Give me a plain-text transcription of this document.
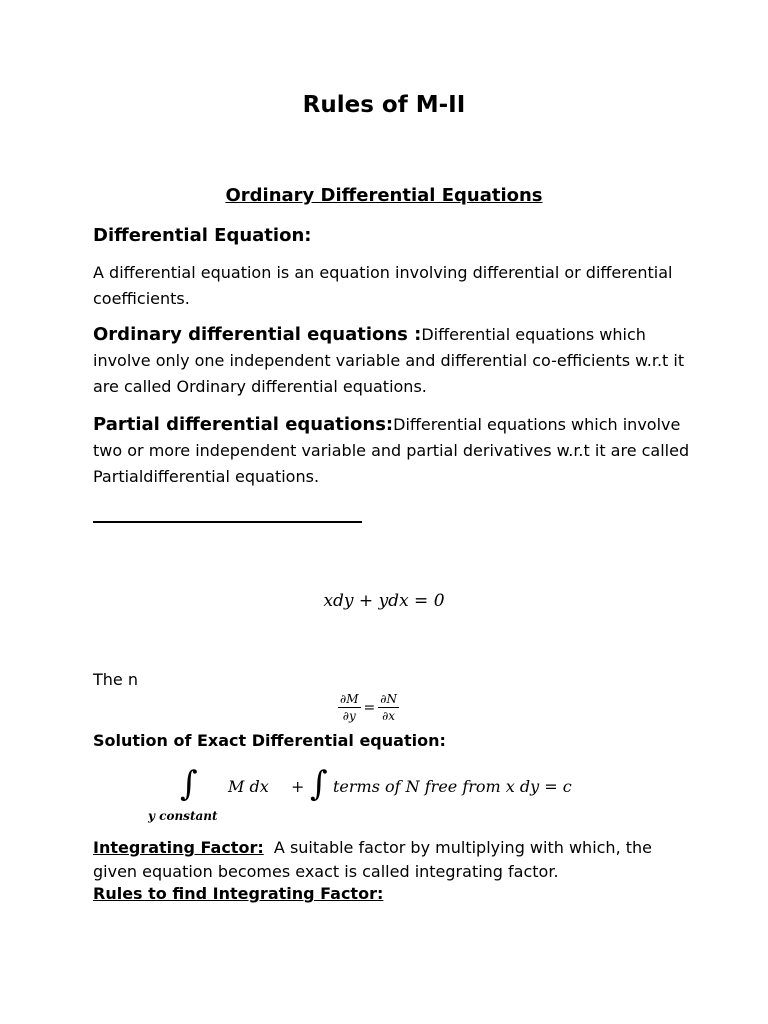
Rules of M-II
Ordinary Differential Equations
Differential Equation:
A differential equation is an equation involving differential or differential coefficients.
Ordinary differential equations :Differential equations which involve only one independent variable and differential co-efficients w.r.t it are called Ordinary differential equations.
Partial differential equations:Differential equations which involve two or more independent variable and partial derivatives w.r.t it are called Partialdifferential equations.
xdy + ydx = 0
The n
$\frac{\partial M}{\partial y} = \frac{\partial N}{\partial x}$
Solution of Exact Differential equation:
∫ M dx + ∫ terms of N free from x dy = c
y constant
Integrating Factor: A suitable factor by multiplying with which, the given equation becomes exact is called integrating factor.
Rules to find Integrating Factor:
